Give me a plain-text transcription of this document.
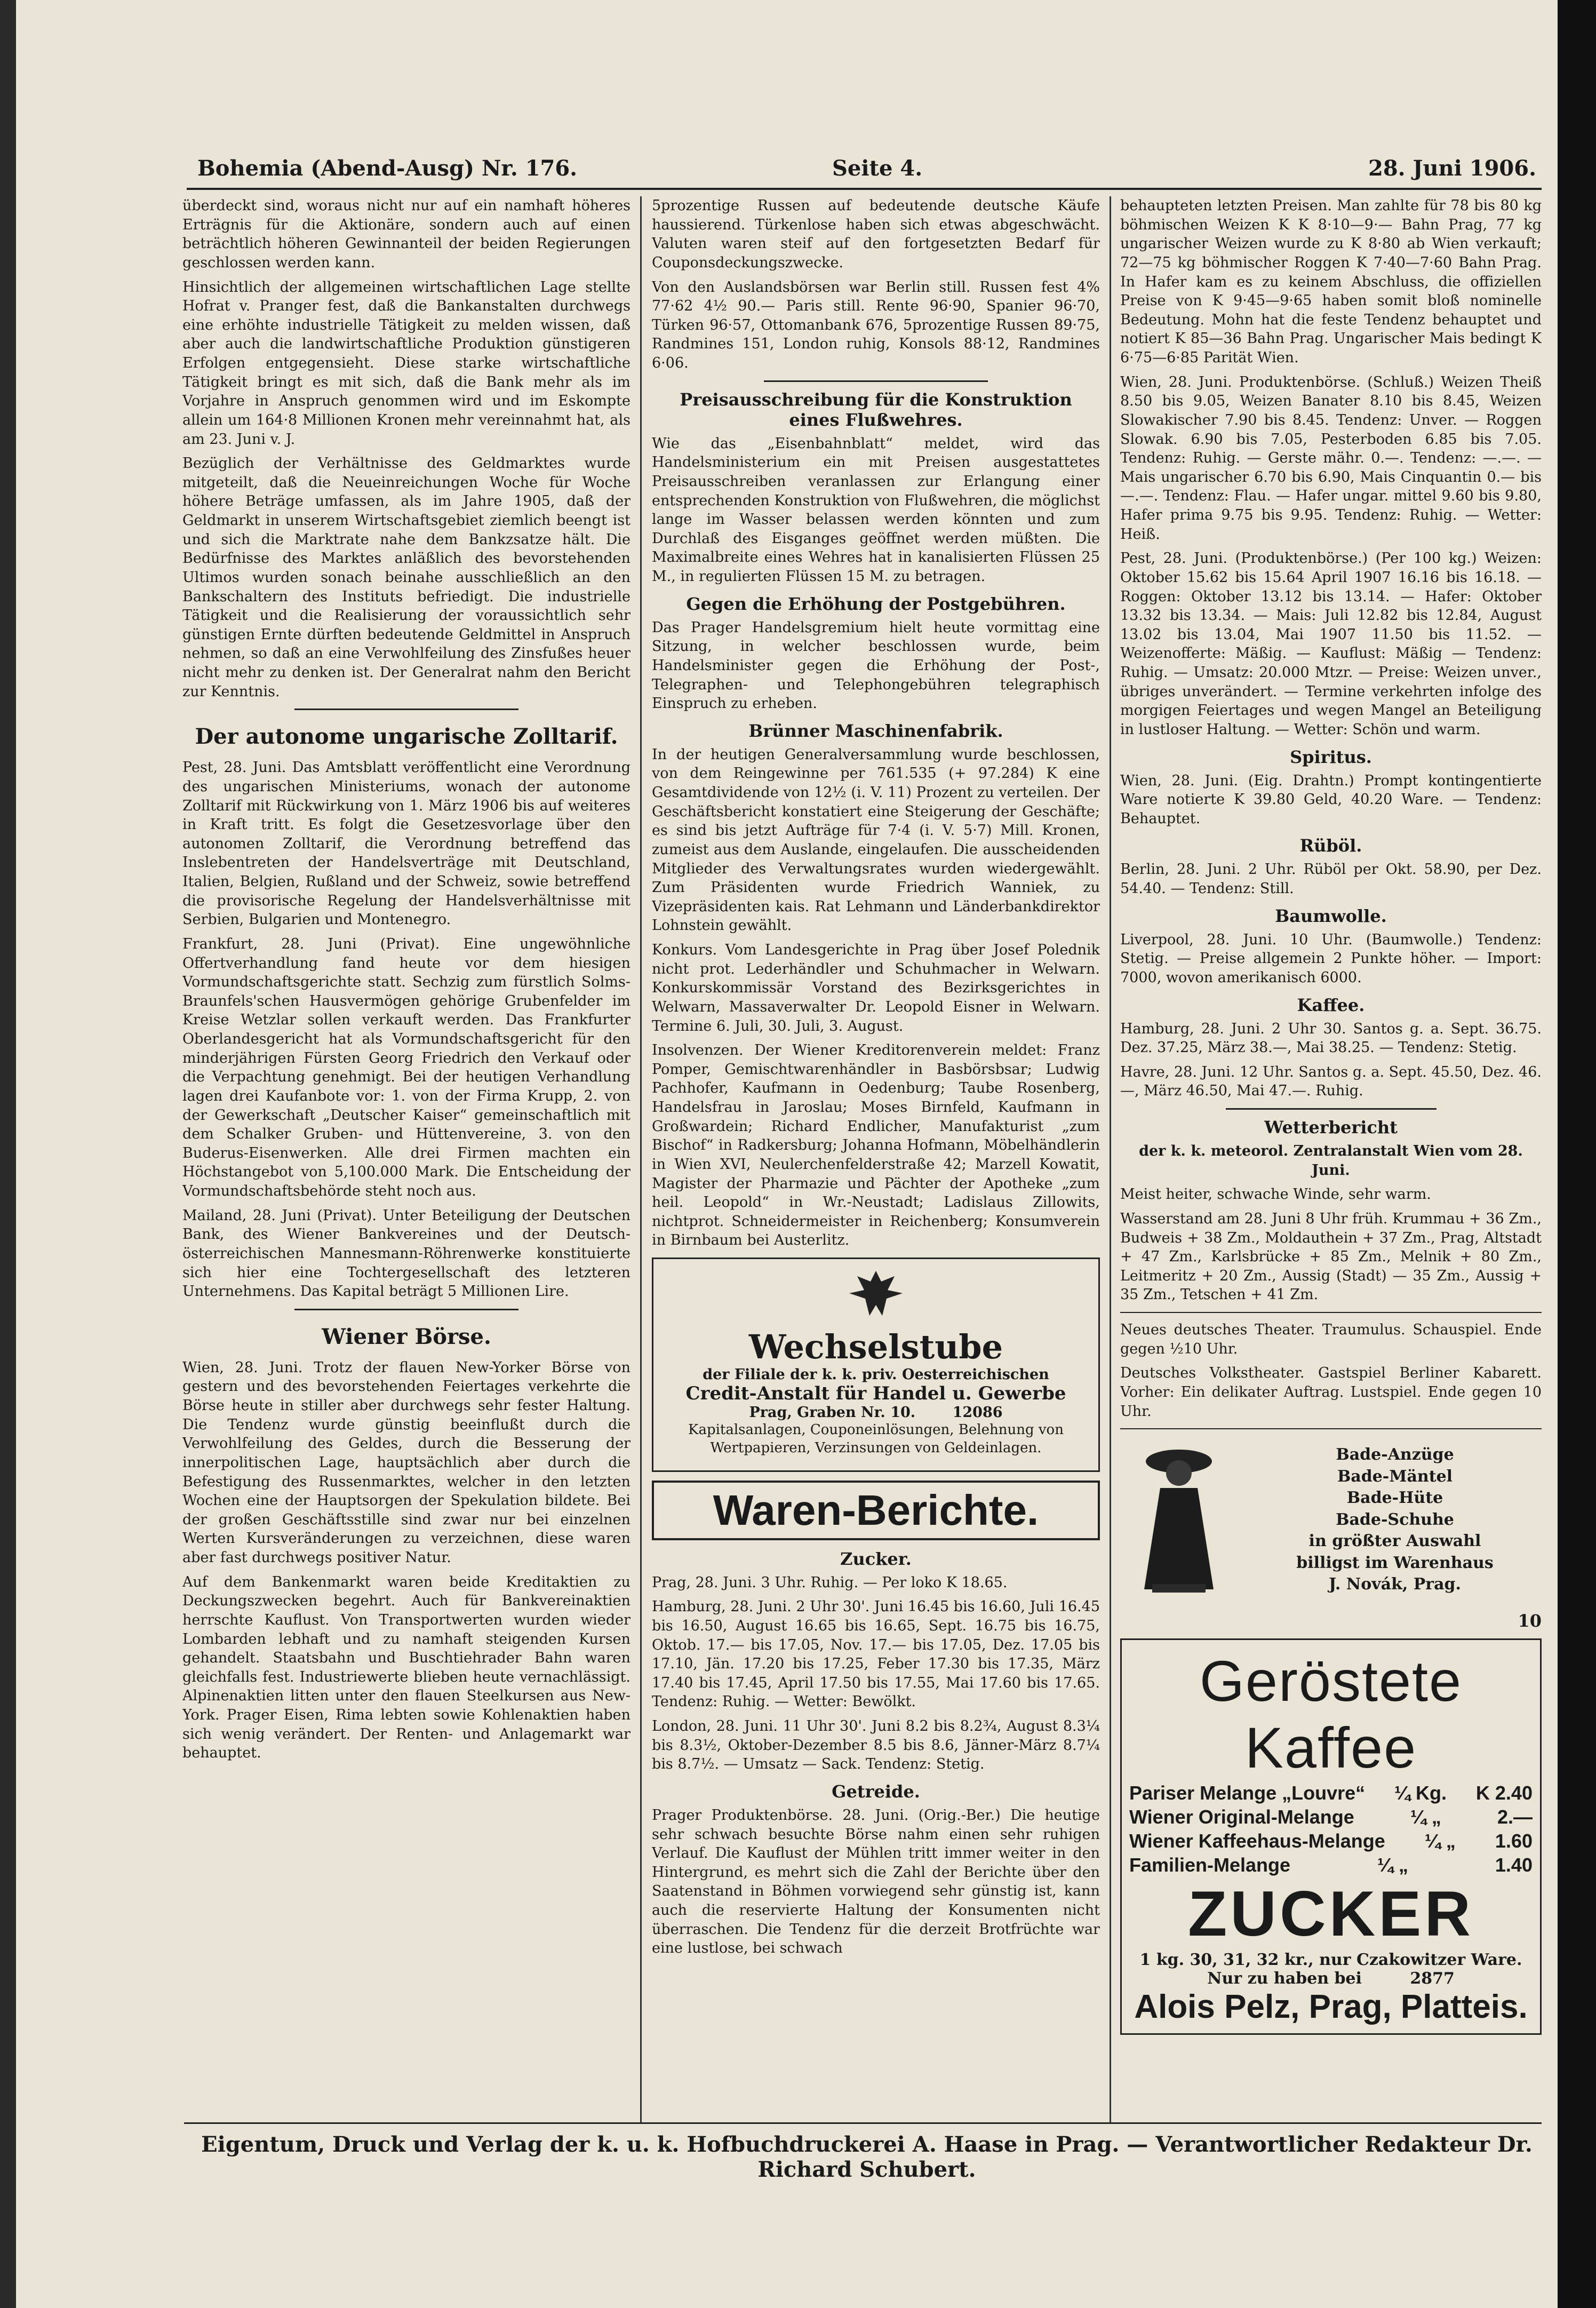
Bohemia (Abend-Ausg) Nr. 176.	Seite 4.	28. Juni 1906.

überdeckt sind, woraus nicht nur auf ein namhaft höheres Erträgnis für die Aktionäre, sondern auch auf einen beträchtlich höheren Gewinnanteil der beiden Regierungen geschlossen werden kann.

Hinsichtlich der allgemeinen wirtschaftlichen Lage stellte Hofrat v. Pranger fest, daß die Bankanstalten durchwegs eine erhöhte industrielle Tätigkeit zu melden wissen, daß aber auch die landwirtschaftliche Produktion günstigeren Erfolgen entgegensieht. Diese starke wirtschaftliche Tätigkeit bringt es mit sich, daß die Bank mehr als im Vorjahre in Anspruch genommen wird und im Eskompte allein um 164·8 Millionen Kronen mehr vereinnahmt hat, als am 23. Juni v. J.

Bezüglich der Verhältnisse des Geldmarktes wurde mitgeteilt, daß die Neueinreichungen Woche für Woche höhere Beträge umfassen, als im Jahre 1905, daß der Geldmarkt in unserem Wirtschaftsgebiet ziemlich beengt ist und sich die Marktrate nahe dem Bankzsatze hält. Die Bedürfnisse des Marktes anläßlich des bevorstehenden Ultimos wurden sonach beinahe ausschließlich an den Bankschaltern des Instituts befriedigt. Die industrielle Tätigkeit und die Realisierung der voraussichtlich sehr günstigen Ernte dürften bedeutende Geldmittel in Anspruch nehmen, so daß an eine Verwohlfeilung des Zinsfußes heuer nicht mehr zu denken ist. Der Generalrat nahm den Bericht zur Kenntnis.

Der autonome ungarische Zolltarif.

Pest, 28. Juni. Das Amtsblatt veröffentlicht eine Verordnung des ungarischen Ministeriums, wonach der autonome Zolltarif mit Rückwirkung von 1. März 1906 bis auf weiteres in Kraft tritt. Es folgt die Gesetzesvorlage über den autonomen Zolltarif, die Verordnung betreffend das Inslebentreten der Handelsverträge mit Deutschland, Italien, Belgien, Rußland und der Schweiz, sowie betreffend die provisorische Regelung der Handelsverhältnisse mit Serbien, Bulgarien und Montenegro.

Frankfurt, 28. Juni (Privat). Eine ungewöhnliche Offertverhandlung fand heute vor dem hiesigen Vormundschaftsgerichte statt. Sechzig zum fürstlich Solms-Braunfels'schen Hausvermögen gehörige Grubenfelder im Kreise Wetzlar sollen verkauft werden. Das Frankfurter Oberlandesgericht hat als Vormundschaftsgericht für den minderjährigen Fürsten Georg Friedrich den Verkauf oder die Verpachtung genehmigt. Bei der heutigen Verhandlung lagen drei Kaufanbote vor: 1. von der Firma Krupp, 2. von der Gewerkschaft „Deutscher Kaiser“ gemeinschaftlich mit dem Schalker Gruben- und Hüttenvereine, 3. von den Buderus-Eisenwerken. Alle drei Firmen machten ein Höchstangebot von 5,100.000 Mark. Die Entscheidung der Vormundschaftsbehörde steht noch aus.

Mailand, 28. Juni (Privat). Unter Beteiligung der Deutschen Bank, des Wiener Bankvereines und der Deutsch-österreichischen Mannesmann-Röhrenwerke konstituierte sich hier eine Tochtergesellschaft des letzteren Unternehmens. Das Kapital beträgt 5 Millionen Lire.

Wiener Börse.

Wien, 28. Juni. Trotz der flauen New-Yorker Börse von gestern und des bevorstehenden Feiertages verkehrte die Börse heute in stiller aber durchwegs sehr fester Haltung. Die Tendenz wurde günstig beeinflußt durch die Verwohlfeilung des Geldes, durch die Besserung der innerpolitischen Lage, hauptsächlich aber durch die Befestigung des Russenmarktes, welcher in den letzten Wochen eine der Hauptsorgen der Spekulation bildete. Bei der großen Geschäftsstille sind zwar nur bei einzelnen Werten Kursveränderungen zu verzeichnen, diese waren aber fast durchwegs positiver Natur.

Auf dem Bankenmarkt waren beide Kreditaktien zu Deckungszwecken begehrt. Auch für Bankvereinaktien herrschte Kauflust. Von Transportwerten wurden wieder Lombarden lebhaft und zu namhaft steigenden Kursen gehandelt. Staatsbahn und Buschtiehrader Bahn waren gleichfalls fest. Industriewerte blieben heute vernachlässigt. Alpinenaktien litten unter den flauen Steelkursen aus New-York. Prager Eisen, Rima lebten sowie Kohlenaktien haben sich wenig verändert. Der Renten- und Anlagemarkt war behauptet.

5prozentige Russen auf bedeutende deutsche Käufe haussierend. Türkenlose haben sich etwas abgeschwächt. Valuten waren steif auf den fortgesetzten Bedarf für Couponsdeckungszwecke.

Von den Auslandsbörsen war Berlin still. Russen fest 4% 77·62 4½ 90.— Paris still. Rente 96·90, Spanier 96·70, Türken 96·57, Ottomanbank 676, 5prozentige Russen 89·75, Randmines 151, London ruhig, Konsols 88·12, Randmines 6·06.

Preisausschreibung für die Konstruktion eines Flußwehres.

Wie das „Eisenbahnblatt“ meldet, wird das Handelsministerium ein mit Preisen ausgestattetes Preisausschreiben veranlassen zur Erlangung einer entsprechenden Konstruktion von Flußwehren, die möglichst lange im Wasser belassen werden könnten und zum Durchlaß des Eisganges geöffnet werden müßten. Die Maximalbreite eines Wehres hat in kanalisierten Flüssen 25 M., in regulierten Flüssen 15 M. zu betragen.

Gegen die Erhöhung der Postgebühren.

Das Prager Handelsgremium hielt heute vormittag eine Sitzung, in welcher beschlossen wurde, beim Handelsminister gegen die Erhöhung der Post-, Telegraphen- und Telephongebühren telegraphisch Einspruch zu erheben.

Brünner Maschinenfabrik.

In der heutigen Generalversammlung wurde beschlossen, von dem Reingewinne per 761.535 (+ 97.284) K eine Gesamtdividende von 12½ (i. V. 11) Prozent zu verteilen. Der Geschäftsbericht konstatiert eine Steigerung der Geschäfte; es sind bis jetzt Aufträge für 7·4 (i. V. 5·7) Mill. Kronen, zumeist aus dem Auslande, eingelaufen. Die ausscheidenden Mitglieder des Verwaltungsrates wurden wiedergewählt. Zum Präsidenten wurde Friedrich Wanniek, zu Vizepräsidenten kais. Rat Lehmann und Länderbankdirektor Lohnstein gewählt.

Konkurs. Vom Landesgerichte in Prag über Josef Polednik nicht prot. Lederhändler und Schuhmacher in Welwarn. Konkurskommissär Vorstand des Bezirksgerichtes in Welwarn, Massaverwalter Dr. Leopold Eisner in Welwarn. Termine 6. Juli, 30. Juli, 3. August.

Insolvenzen. Der Wiener Kreditorenverein meldet: Franz Pomper, Gemischtwarenhändler in Basbörsbsar; Ludwig Pachhofer, Kaufmann in Oedenburg; Taube Rosenberg, Handelsfrau in Jaroslau; Moses Birnfeld, Kaufmann in Großwardein; Richard Endlicher, Manufakturist „zum Bischof“ in Radkersburg; Johanna Hofmann, Möbelhändlerin in Wien XVI, Neulerchenfelderstraße 42; Marzell Kowatit, Magister der Pharmazie und Pächter der Apotheke „zum heil. Leopold“ in Wr.-Neustadt; Ladislaus Zillowits, nichtprot. Schneidermeister in Reichenberg; Konsumverein in Birnbaum bei Austerlitz.

Wechselstube
der Filiale der k. k. priv. Oesterreichischen
Credit-Anstalt für Handel u. Gewerbe
Prag, Graben Nr. 10.	12086
Kapitalsanlagen, Couponeinlösungen, Belehnung von Wertpapieren, Verzinsungen von Geldeinlagen.
Waren-Berichte.
Zucker.

Prag, 28. Juni. 3 Uhr. Ruhig. — Per loko K 18.65.

Hamburg, 28. Juni. 2 Uhr 30'. Juni 16.45 bis 16.60, Juli 16.45 bis 16.50, August 16.65 bis 16.65, Sept. 16.75 bis 16.75, Oktob. 17.— bis 17.05, Nov. 17.— bis 17.05, Dez. 17.05 bis 17.10, Jän. 17.20 bis 17.25, Feber 17.30 bis 17.35, März 17.40 bis 17.45, April 17.50 bis 17.55, Mai 17.60 bis 17.65. Tendenz: Ruhig. — Wetter: Bewölkt.

London, 28. Juni. 11 Uhr 30'. Juni 8.2 bis 8.2¾, August 8.3¼ bis 8.3½, Oktober-Dezember 8.5 bis 8.6, Jänner-März 8.7¼ bis 8.7½. — Umsatz — Sack. Tendenz: Stetig.

Getreide.

Prager Produktenbörse. 28. Juni. (Orig.-Ber.) Die heutige sehr schwach besuchte Börse nahm einen sehr ruhigen Verlauf. Die Kauflust der Mühlen tritt immer weiter in den Hintergrund, es mehrt sich die Zahl der Berichte über den Saatenstand in Böhmen vorwiegend sehr günstig ist, kann auch die reservierte Haltung der Konsumenten nicht überraschen. Die Tendenz für die derzeit Brotfrüchte war eine lustlose, bei schwach

behaupteten letzten Preisen. Man zahlte für 78 bis 80 kg böhmischen Weizen K K 8·10—9·— Bahn Prag, 77 kg ungarischer Weizen wurde zu K 8·80 ab Wien verkauft; 72—75 kg böhmischer Roggen K 7·40—7·60 Bahn Prag. In Hafer kam es zu keinem Abschluss, die offiziellen Preise von K 9·45—9·65 haben somit bloß nominelle Bedeutung. Mohn hat die feste Tendenz behauptet und notiert K 85—36 Bahn Prag. Ungarischer Mais bedingt K 6·75—6·85 Parität Wien.

Wien, 28. Juni. Produktenbörse. (Schluß.) Weizen Theiß 8.50 bis 9.05, Weizen Banater 8.10 bis 8.45, Weizen Slowakischer 7.90 bis 8.45. Tendenz: Unver. — Roggen Slowak. 6.90 bis 7.05, Pesterboden 6.85 bis 7.05. Tendenz: Ruhig. — Gerste mähr. 0.—. Tendenz: —.—. — Mais ungarischer 6.70 bis 6.90, Mais Cinquantin 0.— bis —.—. Tendenz: Flau. — Hafer ungar. mittel 9.60 bis 9.80, Hafer prima 9.75 bis 9.95. Tendenz: Ruhig. — Wetter: Heiß.

Pest, 28. Juni. (Produktenbörse.) (Per 100 kg.) Weizen: Oktober 15.62 bis 15.64 April 1907 16.16 bis 16.18. — Roggen: Oktober 13.12 bis 13.14. — Hafer: Oktober 13.32 bis 13.34. — Mais: Juli 12.82 bis 12.84, August 13.02 bis 13.04, Mai 1907 11.50 bis 11.52. — Weizenofferte: Mäßig. — Kauflust: Mäßig — Tendenz: Ruhig. — Umsatz: 20.000 Mtzr. — Preise: Weizen unver., übriges unverändert. — Termine verkehrten infolge des morgigen Feiertages und wegen Mangel an Beteiligung in lustloser Haltung. — Wetter: Schön und warm.

Spiritus.

Wien, 28. Juni. (Eig. Drahtn.) Prompt kontingentierte Ware notierte K 39.80 Geld, 40.20 Ware. — Tendenz: Behauptet.

Rüböl.

Berlin, 28. Juni. 2 Uhr. Rüböl per Okt. 58.90, per Dez. 54.40. — Tendenz: Still.

Baumwolle.

Liverpool, 28. Juni. 10 Uhr. (Baumwolle.) Tendenz: Stetig. — Preise allgemein 2 Punkte höher. — Import: 7000, wovon amerikanisch 6000.

Kaffee.

Hamburg, 28. Juni. 2 Uhr 30. Santos g. a. Sept. 36.75. Dez. 37.25, März 38.—, Mai 38.25. — Tendenz: Stetig.

Havre, 28. Juni. 12 Uhr. Santos g. a. Sept. 45.50, Dez. 46.—, März 46.50, Mai 47.—. Ruhig.

Wetterbericht

der k. k. meteorol. Zentralanstalt Wien vom 28. Juni.

Meist heiter, schwache Winde, sehr warm.

Wasserstand am 28. Juni 8 Uhr früh. Krummau + 36 Zm., Budweis + 38 Zm., Moldauthein + 37 Zm., Prag, Altstadt + 47 Zm., Karlsbrücke + 85 Zm., Melnik + 80 Zm., Leitmeritz + 20 Zm., Aussig (Stadt) — 35 Zm., Aussig + 35 Zm., Tetschen + 41 Zm.

Neues deutsches Theater. Traumulus. Schauspiel. Ende gegen ½10 Uhr.

Deutsches Volkstheater. Gastspiel Berliner Kabarett. Vorher: Ein delikater Auftrag. Lustspiel. Ende gegen 10 Uhr.

Bade-Anzüge
Bade-Mäntel
Bade-Hüte
Bade-Schuhe
in größter Auswahl
billigst im Warenhaus
J. Novák, Prag.
10
Geröstete Kaffee
Pariser Melange „Louvre“ ¼ Kg. K 2.40
Wiener Original-Melange	¼ „	2.—
Wiener Kaffeehaus-Melange ¼ „ 1.60
Familien-Melange	¼ „	1.40
ZUCKER
1 kg. 30, 31, 32 kr., nur Czakowitzer Ware.
Nur zu haben bei	2877
Alois Pelz, Prag, Platteis.
Eigentum, Druck und Verlag der k. u. k. Hofbuchdruckerei A. Haase in Prag. — Verantwortlicher Redakteur Dr. Richard Schubert.
